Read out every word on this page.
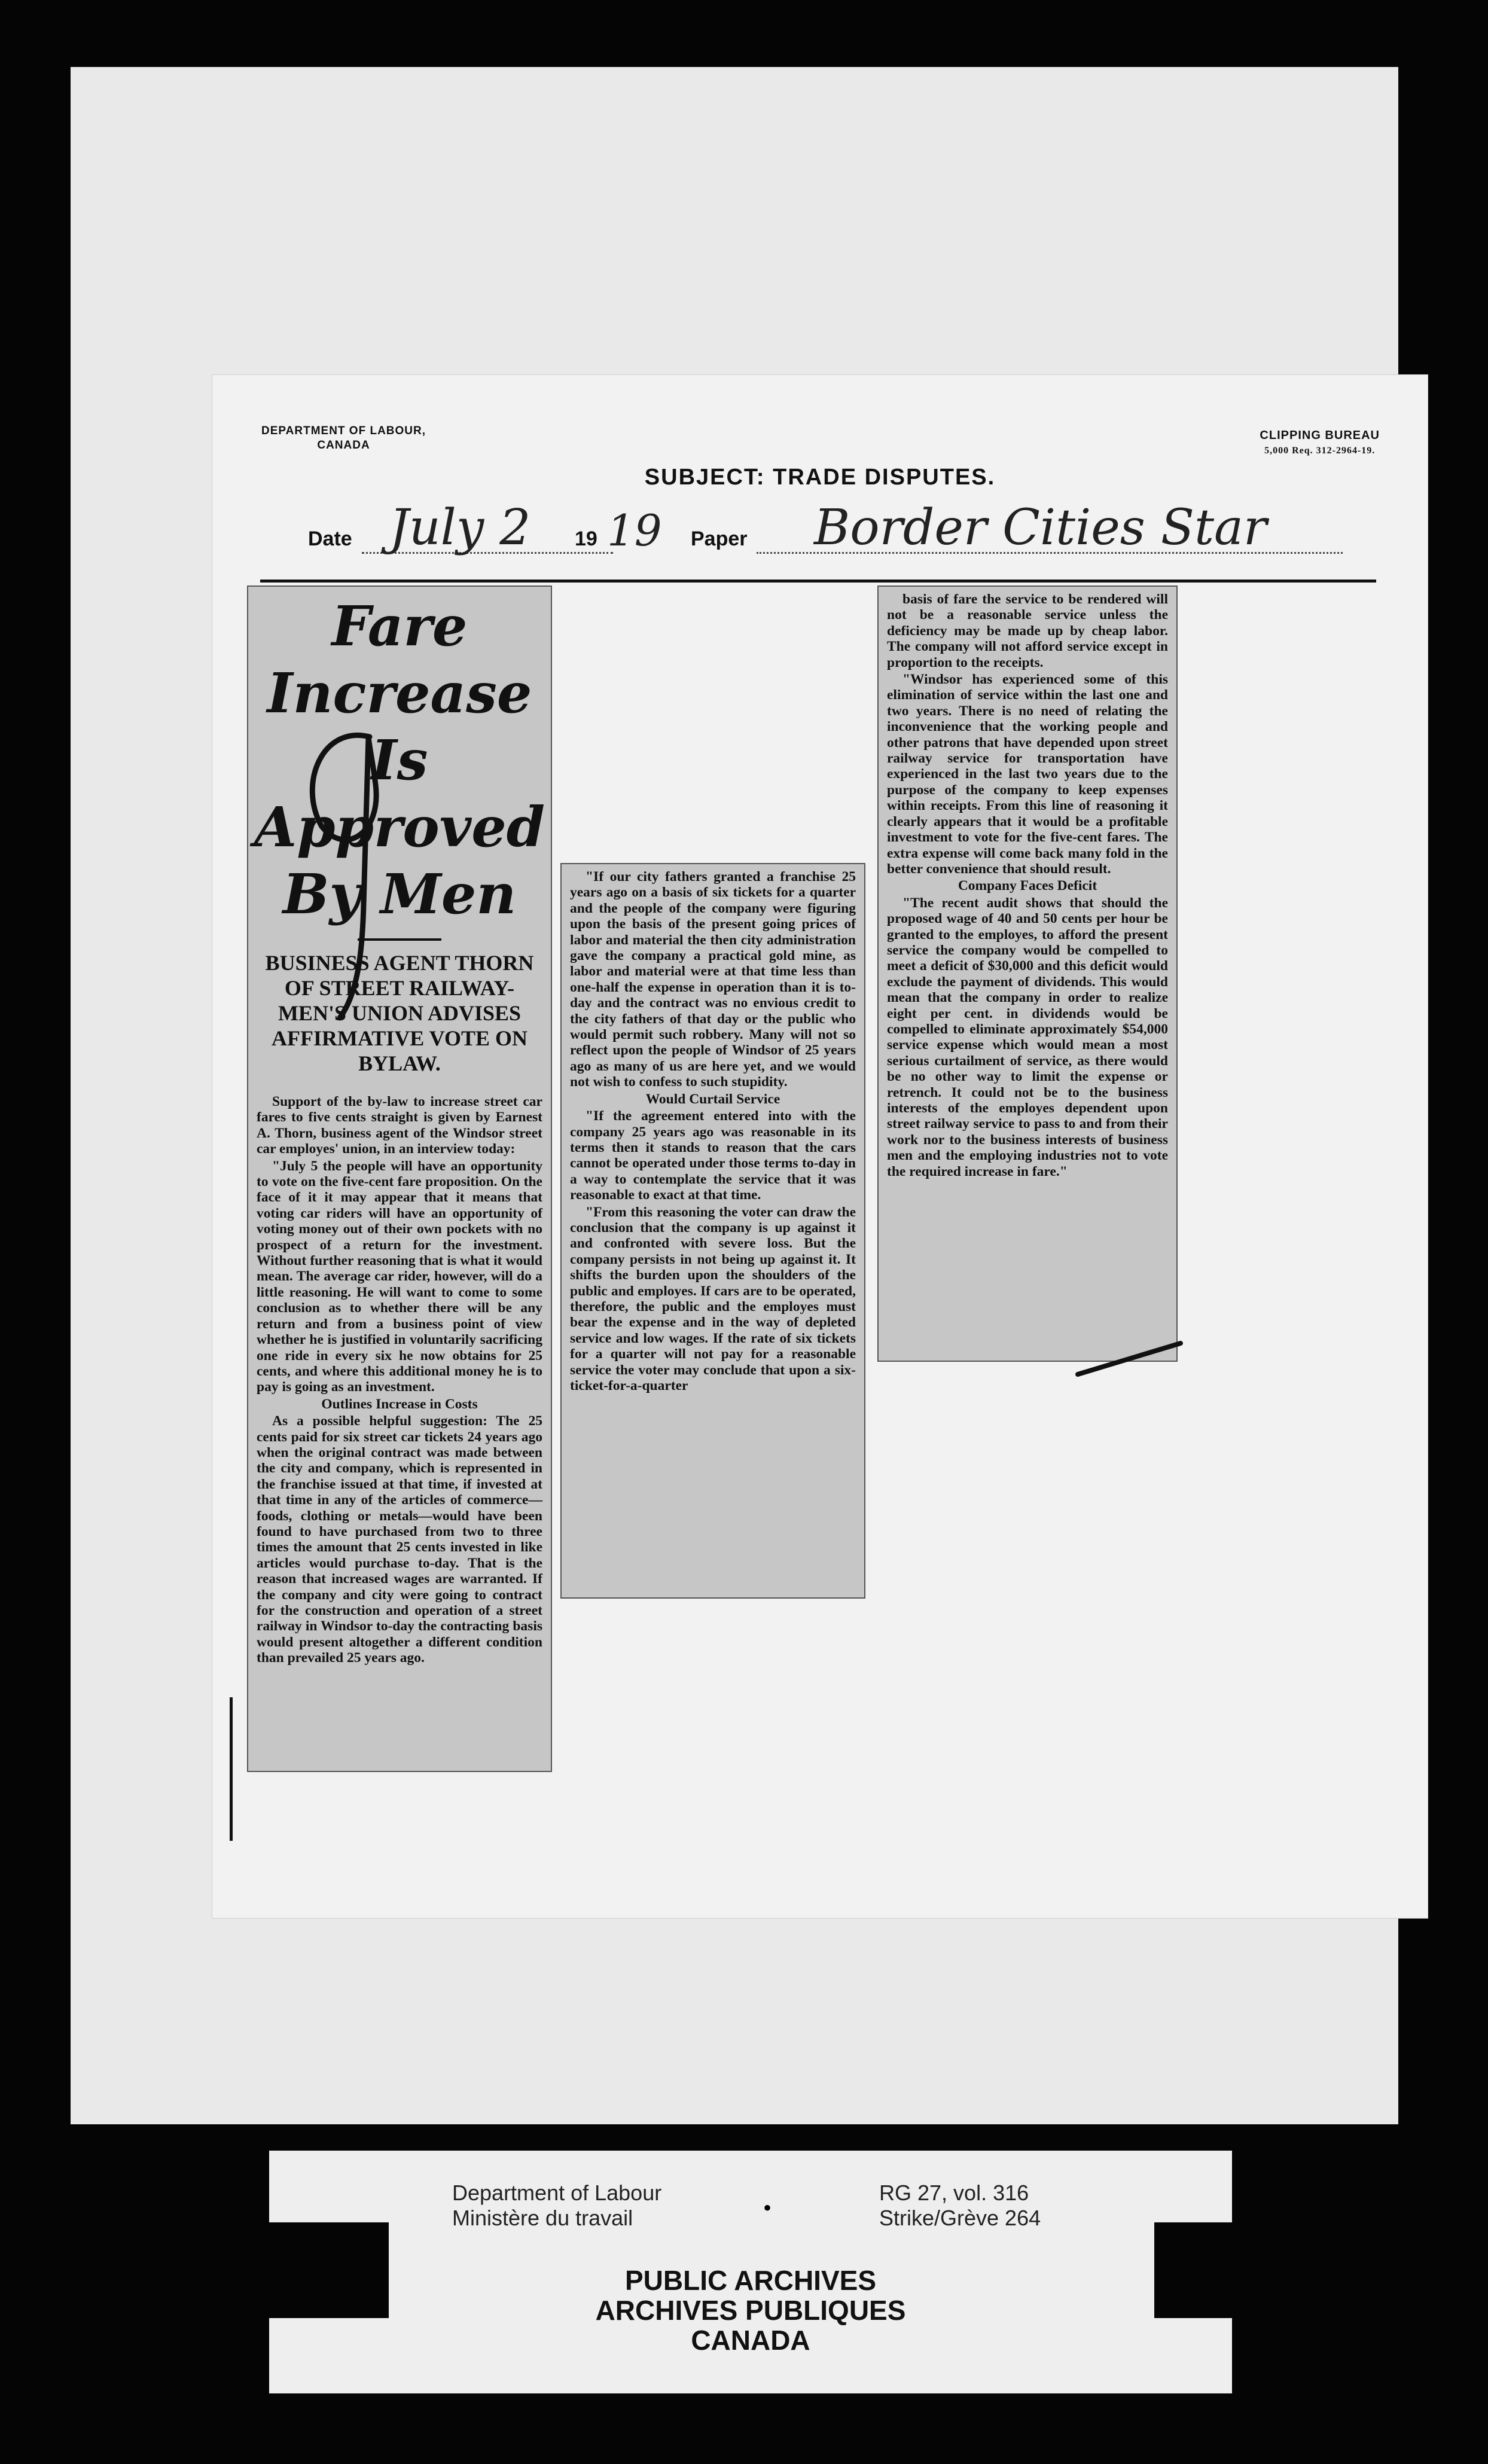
DEPARTMENT OF LABOUR,
CANADA
CLIPPING BUREAU
5,000 Req. 312-2964-19.
SUBJECT: TRADE DISPUTES.
Date July 2 19 19 Paper Border Cities Star
Fare Increase Is
Approved By Men
BUSINESS AGENT THORN OF STREET RAILWAY-MEN'S UNION ADVISES AFFIRMATIVE VOTE ON BYLAW.

Support of the by-law to increase street car fares to five cents straight is given by Earnest A. Thorn, business agent of the Windsor street car employes' union, in an interview today:

"July 5 the people will have an opportunity to vote on the five-cent fare proposition. On the face of it it may appear that it means that voting car riders will have an opportunity of voting money out of their own pockets with no prospect of a return for the investment. Without further reasoning that is what it would mean. The average car rider, however, will do a little reasoning. He will want to come to some conclusion as to whether there will be any return and from a business point of view whether he is justified in voluntarily sacrificing one ride in every six he now obtains for 25 cents, and where this additional money he is to pay is going as an investment.

Outlines Increase in Costs

As a possible helpful suggestion: The 25 cents paid for six street car tickets 24 years ago when the original contract was made between the city and company, which is represented in the franchise issued at that time, if invested at that time in any of the articles of commerce—foods, clothing or metals—would have been found to have purchased from two to three times the amount that 25 cents invested in like articles would purchase to-day. That is the reason that increased wages are warranted. If the company and city were going to contract for the construction and operation of a street railway in Windsor to-day the contracting basis would present altogether a different condition than prevailed 25 years ago.

"If our city fathers granted a franchise 25 years ago on a basis of six tickets for a quarter and the people of the company were figuring upon the basis of the present going prices of labor and material the then city administration gave the company a practical gold mine, as labor and material were at that time less than one-half the expense in operation than it is to-day and the contract was no envious credit to the city fathers of that day or the public who would permit such robbery. Many will not so reflect upon the people of Windsor of 25 years ago as many of us are here yet, and we would not wish to confess to such stupidity.

Would Curtail Service

"If the agreement entered into with the company 25 years ago was reasonable in its terms then it stands to reason that the cars cannot be operated under those terms to-day in a way to contemplate the service that it was reasonable to exact at that time.

"From this reasoning the voter can draw the conclusion that the company is up against it and confronted with severe loss. But the company persists in not being up against it. It shifts the burden upon the shoulders of the public and employes. If cars are to be operated, therefore, the public and the employes must bear the expense and in the way of depleted service and low wages. If the rate of six tickets for a quarter will not pay for a reasonable service the voter may conclude that upon a six-ticket-for-a-quarter

basis of fare the service to be rendered will not be a reasonable service unless the deficiency may be made up by cheap labor. The company will not afford service except in proportion to the receipts.

"Windsor has experienced some of this elimination of service within the last one and two years. There is no need of relating the inconvenience that the working people and other patrons that have depended upon street railway service for transportation have experienced in the last two years due to the purpose of the company to keep expenses within receipts. From this line of reasoning it clearly appears that it would be a profitable investment to vote for the five-cent fares. The extra expense will come back many fold in the better convenience that should result.

Company Faces Deficit

"The recent audit shows that should the proposed wage of 40 and 50 cents per hour be granted to the employes, to afford the present service the company would be compelled to meet a deficit of $30,000 and this deficit would exclude the payment of dividends. This would mean that the company in order to realize eight per cent. in dividends would be compelled to eliminate approximately $54,000 service expense which would mean a most serious curtailment of service, as there would be no other way to limit the expense or retrench. It could not be to the business interests of the employes dependent upon street railway service to pass to and from their work nor to the business interests of business men and the employing industries not to vote the required increase in fare."

Department of Labour
Ministère du travail	•
RG 27, vol. 316
Strike/Grève 264
PUBLIC ARCHIVES
ARCHIVES PUBLIQUES
CANADA
